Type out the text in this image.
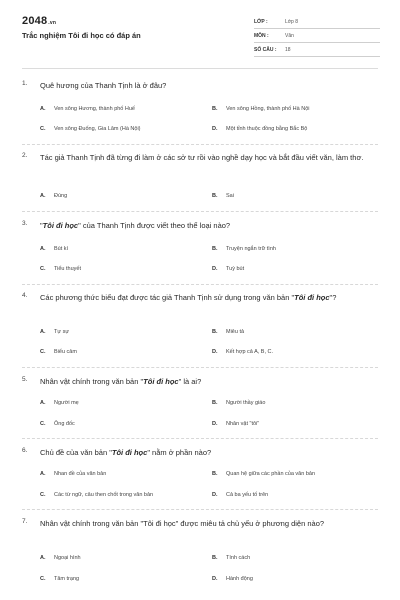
2048.vn
Trắc nghiệm Tôi đi học có đáp án
LỚP :	Lớp 8
MÔN :	Văn
SỐ CÂU : 18
1. Quê hương của Thanh Tịnh là ở đâu?
A. Ven sông Hương, thành phố Huế	B. Ven sông Hồng, thành phố Hà Nội
C. Ven sông Đuống, Gia Lâm (Hà Nội)	D. Một tỉnh thuộc đồng bằng Bắc Bộ
2. Tác giả Thanh Tịnh đã từng đi làm ở các sở tư rồi vào nghề dạy học và bắt đầu viết văn, làm thơ.
A. Đúng	B. Sai
3. "Tôi đi học" của Thanh Tịnh được viết theo thể loại nào?
A. Bút kí	B. Truyện ngắn trữ tình
C. Tiểu thuyết	D. Tuỳ bút
4. Các phương thức biểu đạt được tác giả Thanh Tịnh sử dụng trong văn bản "Tôi đi học"?
A. Tự sự	B. Miêu tả
C. Biểu cảm	D. Kết hợp cả A, B, C.
5. Nhân vật chính trong văn bản "Tôi đi học" là ai?
A. Người mẹ	B. Người thầy giáo
C. Ông đốc	D. Nhân vật "tôi"
6. Chủ đề của văn bản "Tôi đi học" nằm ở phần nào?
A. Nhan đề của văn bản	B. Quan hệ giữa các phần của văn bản
C. Các từ ngữ, câu then chốt trong văn bản	D. Cả ba yếu tố trên
7. Nhân vật chính trong văn bản "Tôi đi học" được miêu tả chủ yếu ở phương diện nào?
A. Ngoại hình	B. Tính cách
C. Tâm trạng	D. Hành động
